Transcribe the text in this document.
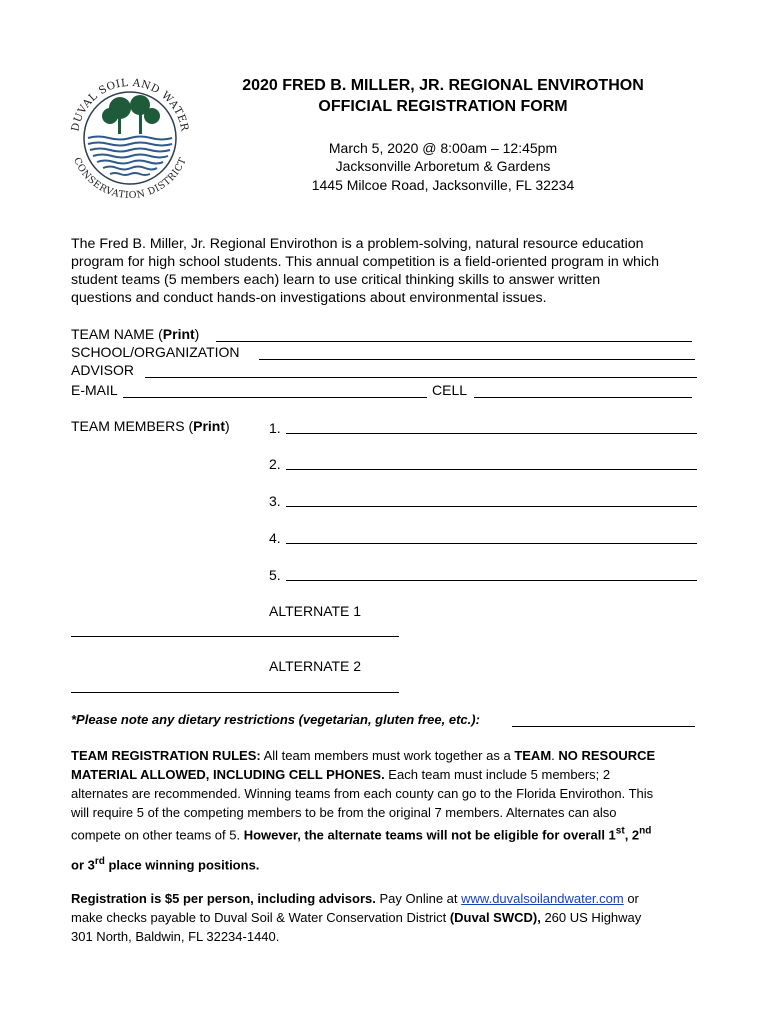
DUVAL SOIL AND WATER
CONSERVATION DISTRICT
2020 FRED B. MILLER, JR. REGIONAL ENVIROTHON
OFFICIAL REGISTRATION FORM
March 5, 2020 @ 8:00am – 12:45pm
Jacksonville Arboretum & Gardens
1445 Milcoe Road, Jacksonville, FL 32234
The Fred B. Miller, Jr. Regional Envirothon is a problem-solving, natural resource education
program for high school students. This annual competition is a field-oriented program in which
student teams (5 members each) learn to use critical thinking skills to answer written
questions and conduct hands-on investigations about environmental issues.
TEAM NAME (Print)
SCHOOL/ORGANIZATION
ADVISOR
E-MAIL	CELL
TEAM MEMBERS (Print)	1.
2.
3.
4.
5.
ALTERNATE 1
ALTERNATE 2
*Please note any dietary restrictions (vegetarian, gluten free, etc.):
TEAM REGISTRATION RULES: All team members must work together as a TEAM. NO RESOURCE
MATERIAL ALLOWED, INCLUDING CELL PHONES. Each team must include 5 members; 2
alternates are recommended. Winning teams from each county can go to the Florida Envirothon. This
will require 5 of the competing members to be from the original 7 members. Alternates can also
compete on other teams of 5. However, the alternate teams will not be eligible for overall 1st, 2nd
or 3rd place winning positions.
Registration is $5 per person, including advisors. Pay Online at www.duvalsoilandwater.com or
make checks payable to Duval Soil & Water Conservation District (Duval SWCD), 260 US Highway
301 North, Baldwin, FL 32234-1440.
